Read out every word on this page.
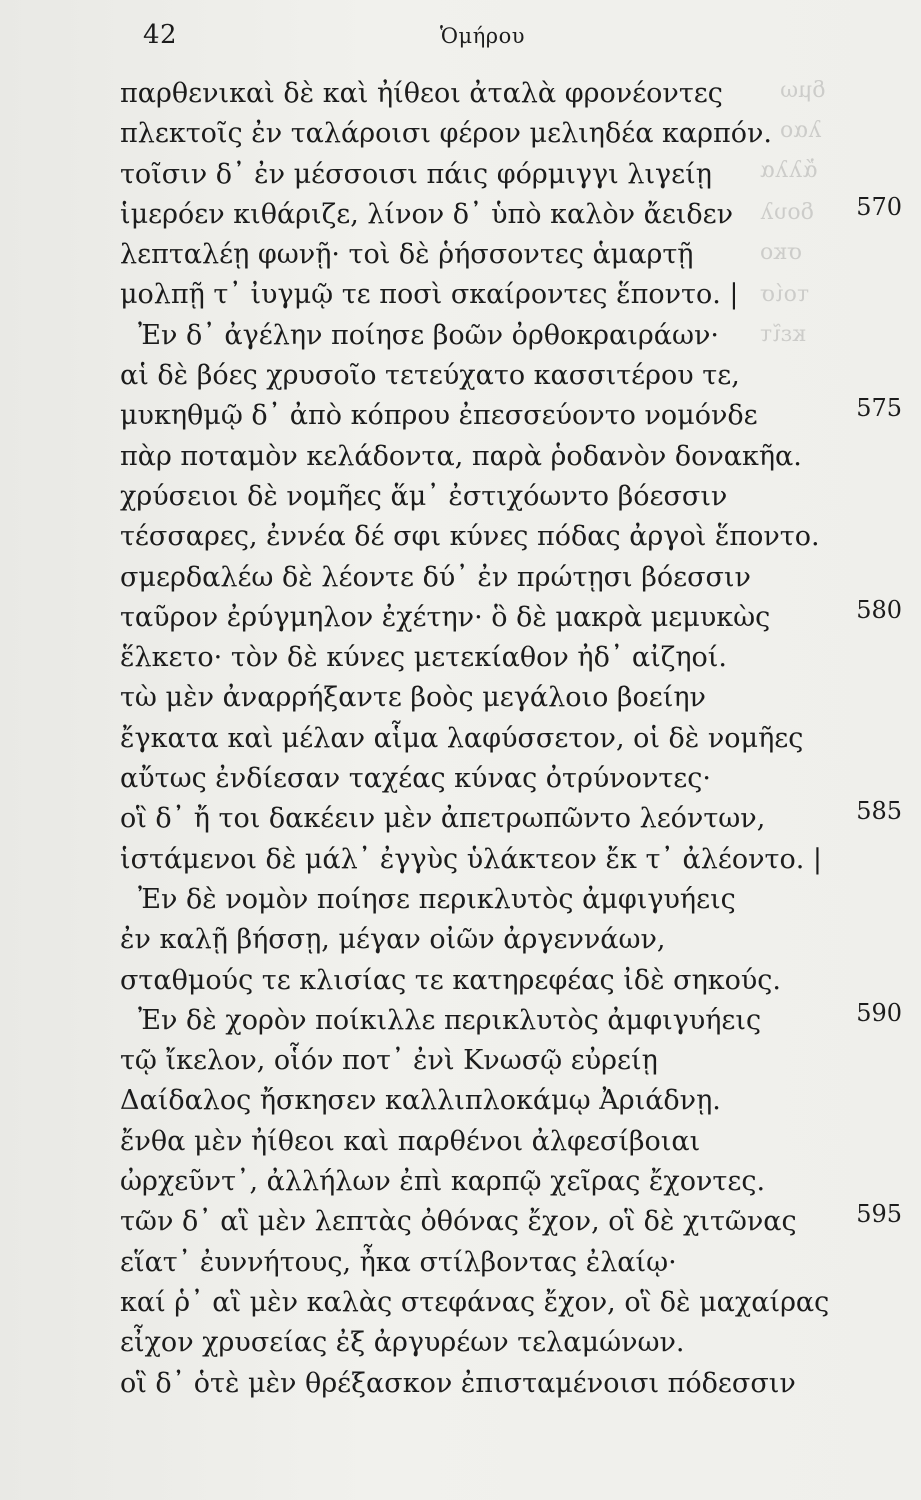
δμω
λαο
ἄλλα
δουλ
σκο
τοίσ
κεῖτ
42	Ὁμήρου
παρθενικαὶ δὲ καὶ ἠίθεοι ἀταλὰ φρονέοντες
πλεκτοῖς ἐν ταλάροισι φέρον μελιηδέα καρπόν.
τοῖσιν δ᾽ ἐν μέσσοισι πάις φόρμιγγι λιγείῃ
ἱμερόεν κιθάριζε, λίνον δ᾽ ὑπὸ καλὸν ἄειδεν	570
λεπταλέῃ φωνῇ· τοὶ δὲ ῥήσσοντες ἁμαρτῇ
μολπῇ τ᾽ ἰυγμῷ τε ποσὶ σκαίροντες ἕποντο. |
Ἐν δ᾽ ἀγέλην ποίησε βοῶν ὀρθοκραιράων·
αἱ δὲ βόες χρυσοῖο τετεύχατο κασσιτέρου τε,
μυκηθμῷ δ᾽ ἀπὸ κόπρου ἐπεσσεύοντο νομόνδε	575
πὰρ ποταμὸν κελάδοντα, παρὰ ῥοδανὸν δονακῆα.
χρύσειοι δὲ νομῆες ἅμ᾽ ἐστιχόωντο βόεσσιν
τέσσαρες, ἐννέα δέ σφι κύνες πόδας ἀργοὶ ἕποντο.
σμερδαλέω δὲ λέοντε δύ᾽ ἐν πρώτῃσι βόεσσιν
ταῦρον ἐρύγμηλον ἐχέτην· ὃ δὲ μακρὰ μεμυκὼς	580
ἕλκετο· τὸν δὲ κύνες μετεκίαθον ἠδ᾽ αἰζηοί.
τὼ μὲν ἀναρρήξαντε βοὸς μεγάλοιο βοείην
ἔγκατα καὶ μέλαν αἷμα λαφύσσετον, οἱ δὲ νομῆες
αὔτως ἐνδίεσαν ταχέας κύνας ὀτρύνοντες·
οἳ δ᾽ ἤ τοι δακέειν μὲν ἀπετρωπῶντο λεόντων,	585
ἱστάμενοι δὲ μάλ᾽ ἐγγὺς ὑλάκτεον ἔκ τ᾽ ἀλέοντο. |
Ἐν δὲ νομὸν ποίησε περικλυτὸς ἀμφιγυήεις
ἐν καλῇ βήσσῃ, μέγαν οἰῶν ἀργεννάων,
σταθμούς τε κλισίας τε κατηρεφέας ἰδὲ σηκούς.
Ἐν δὲ χορὸν ποίκιλλε περικλυτὸς ἀμφιγυήεις	590
τῷ ἴκελον, οἷόν ποτ᾽ ἐνὶ Κνωσῷ εὐρείῃ
Δαίδαλος ἤσκησεν καλλιπλοκάμῳ Ἀριάδνῃ.
ἔνθα μὲν ἠίθεοι καὶ παρθένοι ἀλφεσίβοιαι
ὠρχεῦντ᾽, ἀλλήλων ἐπὶ καρπῷ χεῖρας ἔχοντες.
τῶν δ᾽ αἳ μὲν λεπτὰς ὀθόνας ἔχον, οἳ δὲ χιτῶνας 595
εἵατ᾽ ἐυννήτους, ἦκα στίλβοντας ἐλαίῳ·
καί ῥ᾽ αἳ μὲν καλὰς στεφάνας ἔχον, οἳ δὲ μαχαίρας
εἶχον χρυσείας ἐξ ἀργυρέων τελαμώνων.
οἳ δ᾽ ὁτὲ μὲν θρέξασκον ἐπισταμένοισι πόδεσσιν
